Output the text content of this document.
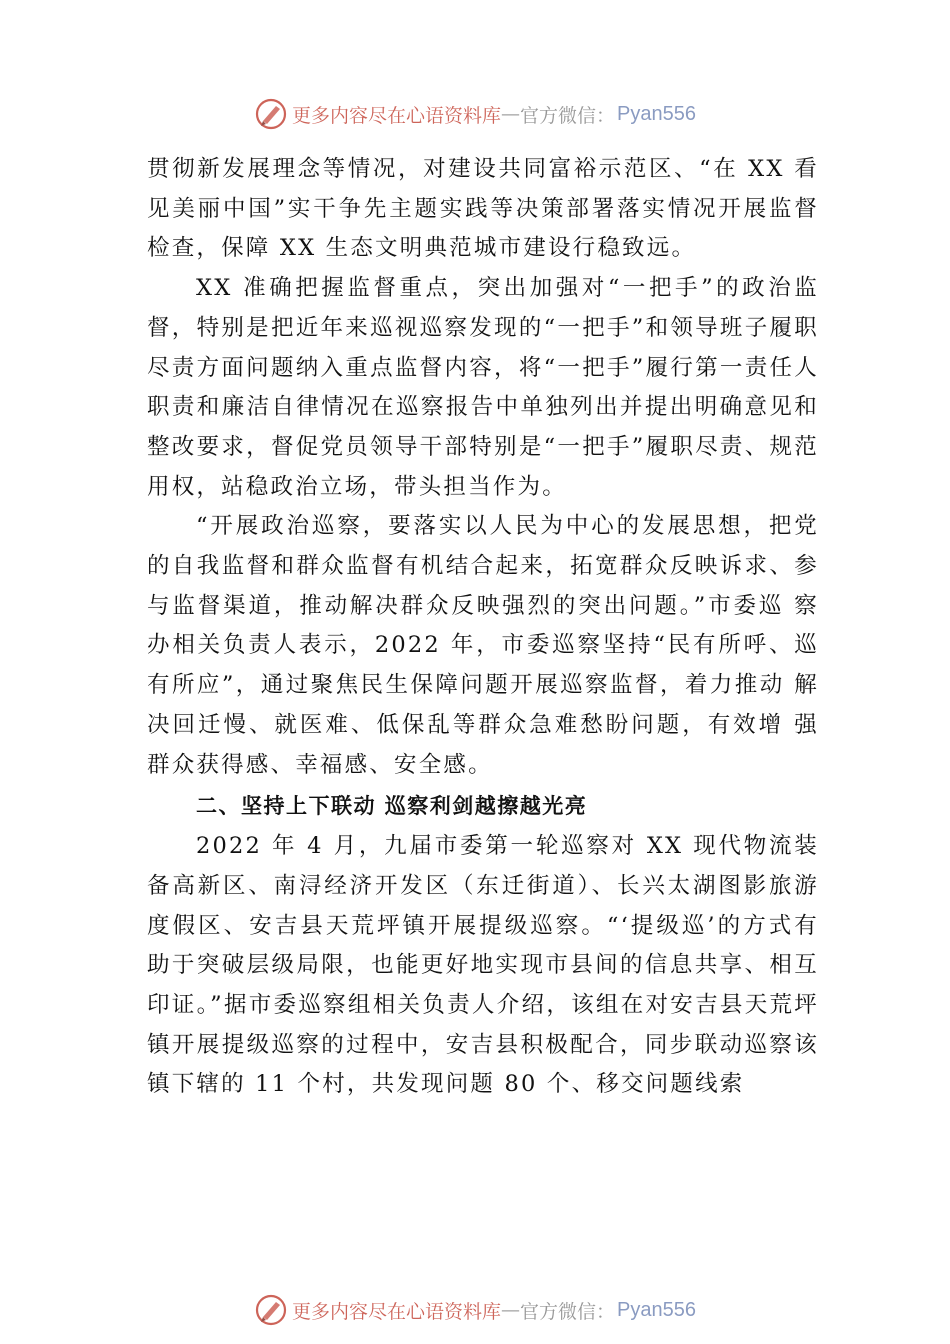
更多内容尽在心语资料库 — 官方微信： Pyan556

贯彻新发展理念等情况，对建设共同富裕示范区、“在 XX 看见美丽中国”实干争先主题实践等决策部署落实情况开展监督检查，保障 XX 生态文明典范城市建设行稳致远。

XX 准确把握监督重点，突出加强对“一把手”的政治监督，特别是把近年来巡视巡察发现的“一把手”和领导班子履职尽责方面问题纳入重点监督内容，将“一把手”履行第一责任人职责和廉洁自律情况在巡察报告中单独列出并提出明确意见和整改要求，督促党员领导干部特别是“一把手”履职尽责、规范用权，站稳政治立场，带头担当作为。

“开展政治巡察，要落实以人民为中心的发展思想，把党的自我监督和群众监督有机结合起来，拓宽群众反映诉求、参与监督渠道，推动解决群众反映强烈的突出问题。”市委巡 察办相关负责人表示，2022 年，市委巡察坚持“民有所呼、巡有所应”，通过聚焦民生保障问题开展巡察监督，着力推动 解决回迁慢、就医难、低保乱等群众急难愁盼问题，有效增 强群众获得感、幸福感、安全感。

二、坚持上下联动 巡察利剑越擦越光亮

2022 年 4 月，九届市委第一轮巡察对 XX 现代物流装备高新区、南浔经济开发区（东迁街道）、长兴太湖图影旅游度假区、安吉县天荒坪镇开展提级巡察。“‘提级巡’的方式有助于突破层级局限，也能更好地实现市县间的信息共享、相互印证。”据市委巡察组相关负责人介绍，该组在对安吉县天荒坪镇开展提级巡察的过程中，安吉县积极配合，同步联动巡察该镇下辖的 11 个村，共发现问题 80 个、移交问题线索

更多内容尽在心语资料库 — 官方微信： Pyan556
